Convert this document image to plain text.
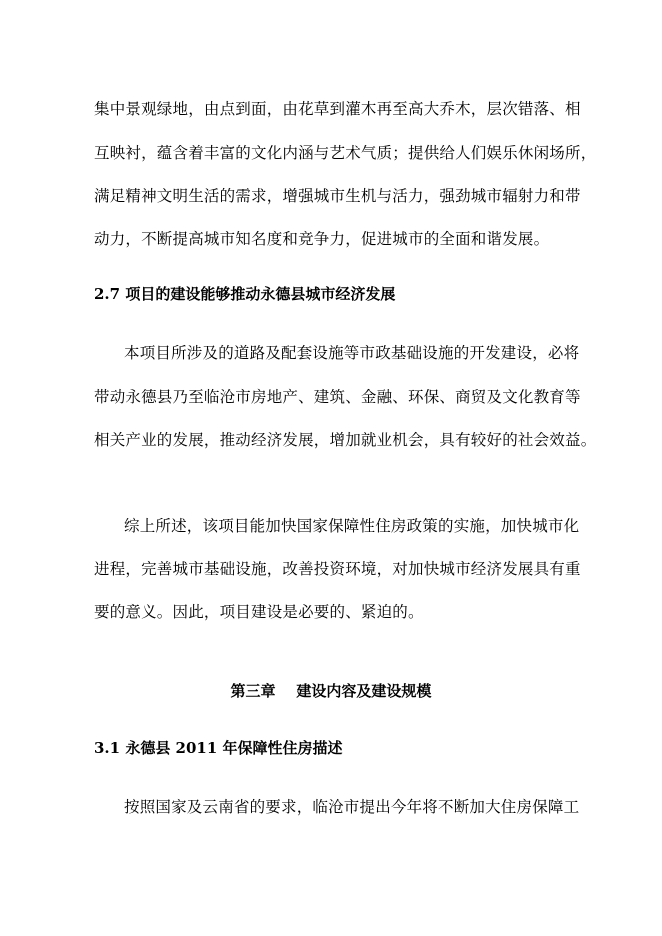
集中景观绿地，由点到面，由花草到灌木再至高大乔木，层次错落、相
互映衬，蕴含着丰富的文化内涵与艺术气质；提供给人们娱乐休闲场所，
满足精神文明生活的需求，增强城市生机与活力，强劲城市辐射力和带
动力，不断提高城市知名度和竞争力，促进城市的全面和谐发展。
2.7 项目的建设能够推动永德县城市经济发展
本项目所涉及的道路及配套设施等市政基础设施的开发建设，必将
带动永德县乃至临沧市房地产、建筑、金融、环保、商贸及文化教育等
相关产业的发展，推动经济发展，增加就业机会，具有较好的社会效益。
综上所述，该项目能加快国家保障性住房政策的实施，加快城市化
进程，完善城市基础设施，改善投资环境，对加快城市经济发展具有重
要的意义。因此，项目建设是必要的、紧迫的。
第三章    建设内容及建设规模
3.1 永德县 2011 年保障性住房描述
按照国家及云南省的要求，临沧市提出今年将不断加大住房保障工
